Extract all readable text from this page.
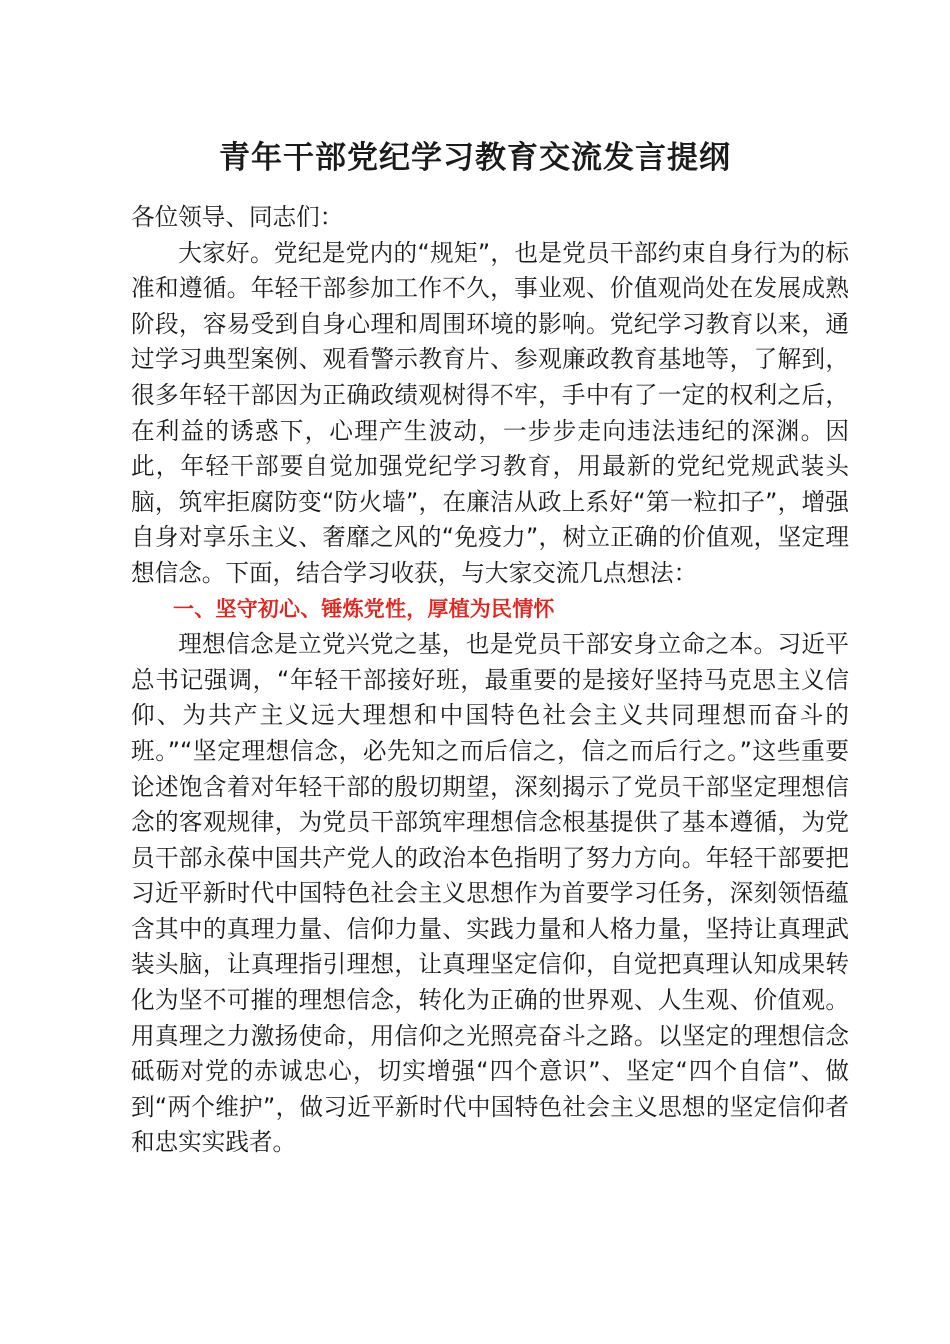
青年干部党纪学习教育交流发言提纲

各位领导、同志们：

大家好。党纪是党内的“规矩”，也是党员干部约束自身行为的标准和遵循。年轻干部参加工作不久，事业观、价值观尚处在发展成熟阶段，容易受到自身心理和周围环境的影响。党纪学习教育以来，通过学习典型案例、观看警示教育片、参观廉政教育基地等，了解到，很多年轻干部因为正确政绩观树得不牢，手中有了一定的权利之后，在利益的诱惑下，心理产生波动，一步步走向违法违纪的深渊。因此，年轻干部要自觉加强党纪学习教育，用最新的党纪党规武装头脑，筑牢拒腐防变“防火墙”，在廉洁从政上系好“第一粒扣子”，增强自身对享乐主义、奢靡之风的“免疫力”，树立正确的价值观，坚定理想信念。下面，结合学习收获，与大家交流几点想法：

一、坚守初心、锤炼党性，厚植为民情怀

理想信念是立党兴党之基，也是党员干部安身立命之本。习近平总书记强调，“年轻干部接好班，最重要的是接好坚持马克思主义信仰、为共产主义远大理想和中国特色社会主义共同理想而奋斗的班。”“坚定理想信念，必先知之而后信之，信之而后行之。”这些重要论述饱含着对年轻干部的殷切期望，深刻揭示了党员干部坚定理想信念的客观规律，为党员干部筑牢理想信念根基提供了基本遵循，为党员干部永葆中国共产党人的政治本色指明了努力方向。年轻干部要把习近平新时代中国特色社会主义思想作为首要学习任务，深刻领悟蕴含其中的真理力量、信仰力量、实践力量和人格力量，坚持让真理武装头脑，让真理指引理想，让真理坚定信仰，自觉把真理认知成果转化为坚不可摧的理想信念，转化为正确的世界观、人生观、价值观。用真理之力激扬使命，用信仰之光照亮奋斗之路。以坚定的理想信念砥砺对党的赤诚忠心，切实增强“四个意识”、坚定“四个自信”、做到“两个维护”，做习近平新时代中国特色社会主义思想的坚定信仰者和忠实实践者。
